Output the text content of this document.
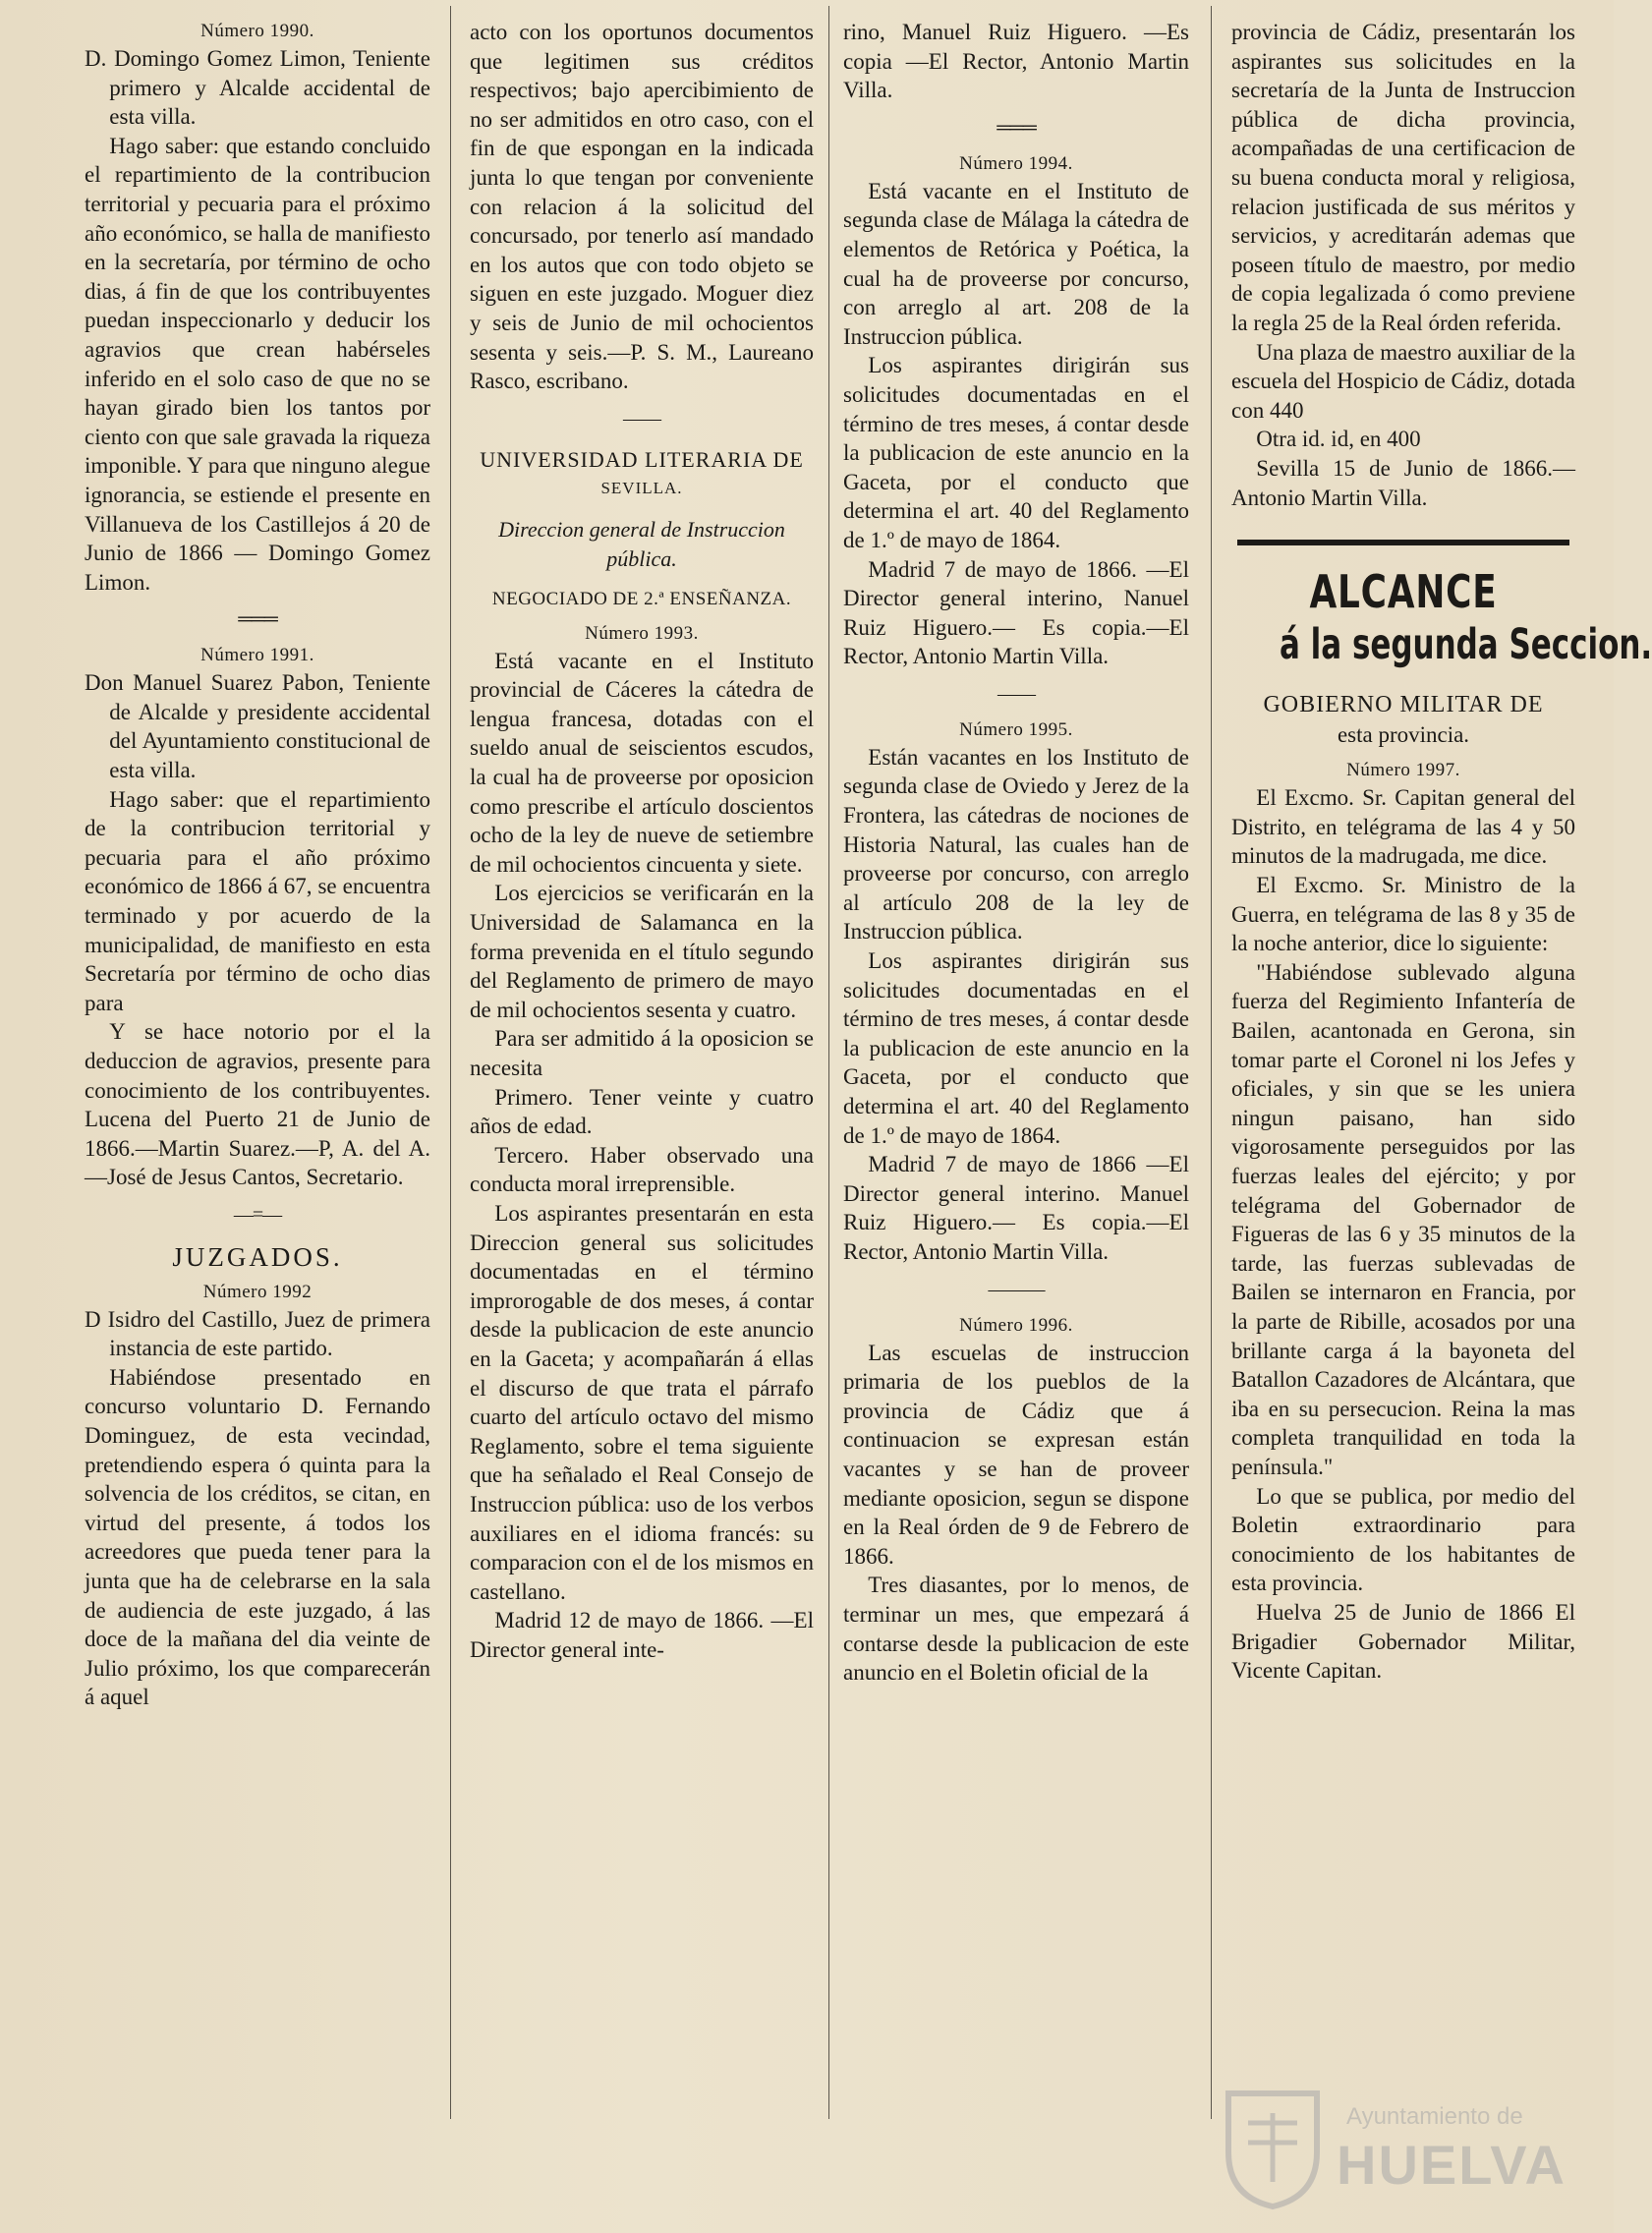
Número 1990.

D. Domingo Gomez Limon, Teniente primero y Alcalde accidental de esta villa.

Hago saber: que estando concluido el repartimiento de la contribucion territorial y pecuaria para el próximo año económico, se halla de manifiesto en la secretaría, por término de ocho dias, á fin de que los contribuyentes puedan inspeccionarlo y deducir los agravios que crean habérseles inferido en el solo caso de que no se hayan girado bien los tantos por ciento con que sale gravada la riqueza imponible. Y para que ninguno alegue ignorancia, se estiende el presente en Villanueva de los Castillejos á 20 de Junio de 1866 — Domingo Gomez Limon.

═══

Número 1991.

Don Manuel Suarez Pabon, Teniente de Alcalde y presidente accidental del Ayuntamiento constitucional de esta villa.

Hago saber: que el repartimiento de la contribucion territorial y pecuaria para el año próximo económico de 1866 á 67, se encuentra terminado y por acuerdo de la municipalidad, de manifiesto en esta Secretaría por término de ocho dias para

Y se hace notorio por el la deduccion de agravios, presente para conocimiento de los contribuyentes. Lucena del Puerto 21 de Junio de 1866.—Martin Suarez.—P, A. del A.—José de Jesus Cantos, Secretario.

—=—

JUZGADOS.

Número 1992

D Isidro del Castillo, Juez de primera instancia de este partido.

Habiéndose presentado en concurso voluntario D. Fernando Dominguez, de esta vecindad, pretendiendo espera ó quinta para la solvencia de los créditos, se citan, en virtud del presente, á todos los acreedores que pueda tener para la junta que ha de celebrarse en la sala de audiencia de este juzgado, á las doce de la mañana del dia veinte de Julio próximo, los que comparecerán á aquel

acto con los oportunos documentos que legitimen sus créditos respectivos; bajo apercibimiento de no ser admitidos en otro caso, con el fin de que espongan en la indicada junta lo que tengan por conveniente con relacion á la solicitud del concursado, por tenerlo así mandado en los autos que con todo objeto se siguen en este juzgado. Moguer diez y seis de Junio de mil ochocientos sesenta y seis.—P. S. M., Laureano Rasco, escribano.

——

UNIVERSIDAD LITERARIA DE

SEVILLA.

Direccion general de Instruccion pública.

NEGOCIADO DE 2.ª ENSEÑANZA.

Número 1993.

Está vacante en el Instituto provincial de Cáceres la cátedra de lengua francesa, dotadas con el sueldo anual de seiscientos escudos, la cual ha de proveerse por oposicion como prescribe el artículo doscientos ocho de la ley de nueve de setiembre de mil ochocientos cincuenta y siete.

Los ejercicios se verificarán en la Universidad de Salamanca en la forma prevenida en el título segundo del Reglamento de primero de mayo de mil ochocientos sesenta y cuatro.

Para ser admitido á la oposicion se necesita

Primero. Tener veinte y cuatro años de edad.

Tercero. Haber observado una conducta moral irreprensible.

Los aspirantes presentarán en esta Direccion general sus solicitudes documentadas en el término improrogable de dos meses, á contar desde la publicacion de este anuncio en la Gaceta; y acompañarán á ellas el discurso de que trata el párrafo cuarto del artículo octavo del mismo Reglamento, sobre el tema siguiente que ha señalado el Real Consejo de Instruccion pública: uso de los verbos auxiliares en el idioma francés: su comparacion con el de los mismos en castellano.

Madrid 12 de mayo de 1866. —El Director general inte-

rino, Manuel Ruiz Higuero. —Es copia —El Rector, Antonio Martin Villa.

═══

Número 1994.

Está vacante en el Instituto de segunda clase de Málaga la cátedra de elementos de Retórica y Poética, la cual ha de proveerse por concurso, con arreglo al art. 208 de la Instruccion pública.

Los aspirantes dirigirán sus solicitudes documentadas en el término de tres meses, á contar desde la publicacion de este anuncio en la Gaceta, por el conducto que determina el art. 40 del Reglamento de 1.º de mayo de 1864.

Madrid 7 de mayo de 1866. —El Director general interino, Nanuel Ruiz Higuero.— Es copia.—El Rector, Antonio Martin Villa.

——

Número 1995.

Están vacantes en los Instituto de segunda clase de Oviedo y Jerez de la Frontera, las cátedras de nociones de Historia Natural, las cuales han de proveerse por concurso, con arreglo al artículo 208 de la ley de Instruccion pública.

Los aspirantes dirigirán sus solicitudes documentadas en el término de tres meses, á contar desde la publicacion de este anuncio en la Gaceta, por el conducto que determina el art. 40 del Reglamento de 1.º de mayo de 1864.

Madrid 7 de mayo de 1866 —El Director general interino. Manuel Ruiz Higuero.— Es copia.—El Rector, Antonio Martin Villa.

———

Número 1996.

Las escuelas de instruccion primaria de los pueblos de la provincia de Cádiz que á continuacion se expresan están vacantes y se han de proveer mediante oposicion, segun se dispone en la Real órden de 9 de Febrero de 1866.

Tres diasantes, por lo menos, de terminar un mes, que empezará á contarse desde la publicacion de este anuncio en el Boletin oficial de la

provincia de Cádiz, presentarán los aspirantes sus solicitudes en la secretaría de la Junta de Instruccion pública de dicha provincia, acompañadas de una certificacion de su buena conducta moral y religiosa, relacion justificada de sus méritos y servicios, y acreditarán ademas que poseen título de maestro, por medio de copia legalizada ó como previene la regla 25 de la Real órden referida.

Una plaza de maestro auxiliar de la escuela del Hospicio de Cádiz, dotada con 440

Otra id. id, en 400

Sevilla 15 de Junio de 1866.—Antonio Martin Villa.

ALCANCE

á la segunda Seccion.

GOBIERNO MILITAR DE

esta provincia.

Número 1997.

El Excmo. Sr. Capitan general del Distrito, en telégrama de las 4 y 50 minutos de la madrugada, me dice.

El Excmo. Sr. Ministro de la Guerra, en telégrama de las 8 y 35 de la noche anterior, dice lo siguiente:

"Habiéndose sublevado alguna fuerza del Regimiento Infantería de Bailen, acantonada en Gerona, sin tomar parte el Coronel ni los Jefes y oficiales, y sin que se les uniera ningun paisano, han sido vigorosamente perseguidos por las fuerzas leales del ejército; y por telégrama del Gobernador de Figueras de las 6 y 35 minutos de la tarde, las fuerzas sublevadas de Bailen se internaron en Francia, por la parte de Ribille, acosados por una brillante carga á la bayoneta del Batallon Cazadores de Alcántara, que iba en su persecucion. Reina la mas completa tranquilidad en toda la península."

Lo que se publica, por medio del Boletin extraordinario para conocimiento de los habitantes de esta provincia.

Huelva 25 de Junio de 1866 El Brigadier Gobernador Militar, Vicente Capitan.

Ayuntamiento de
HUELVA
